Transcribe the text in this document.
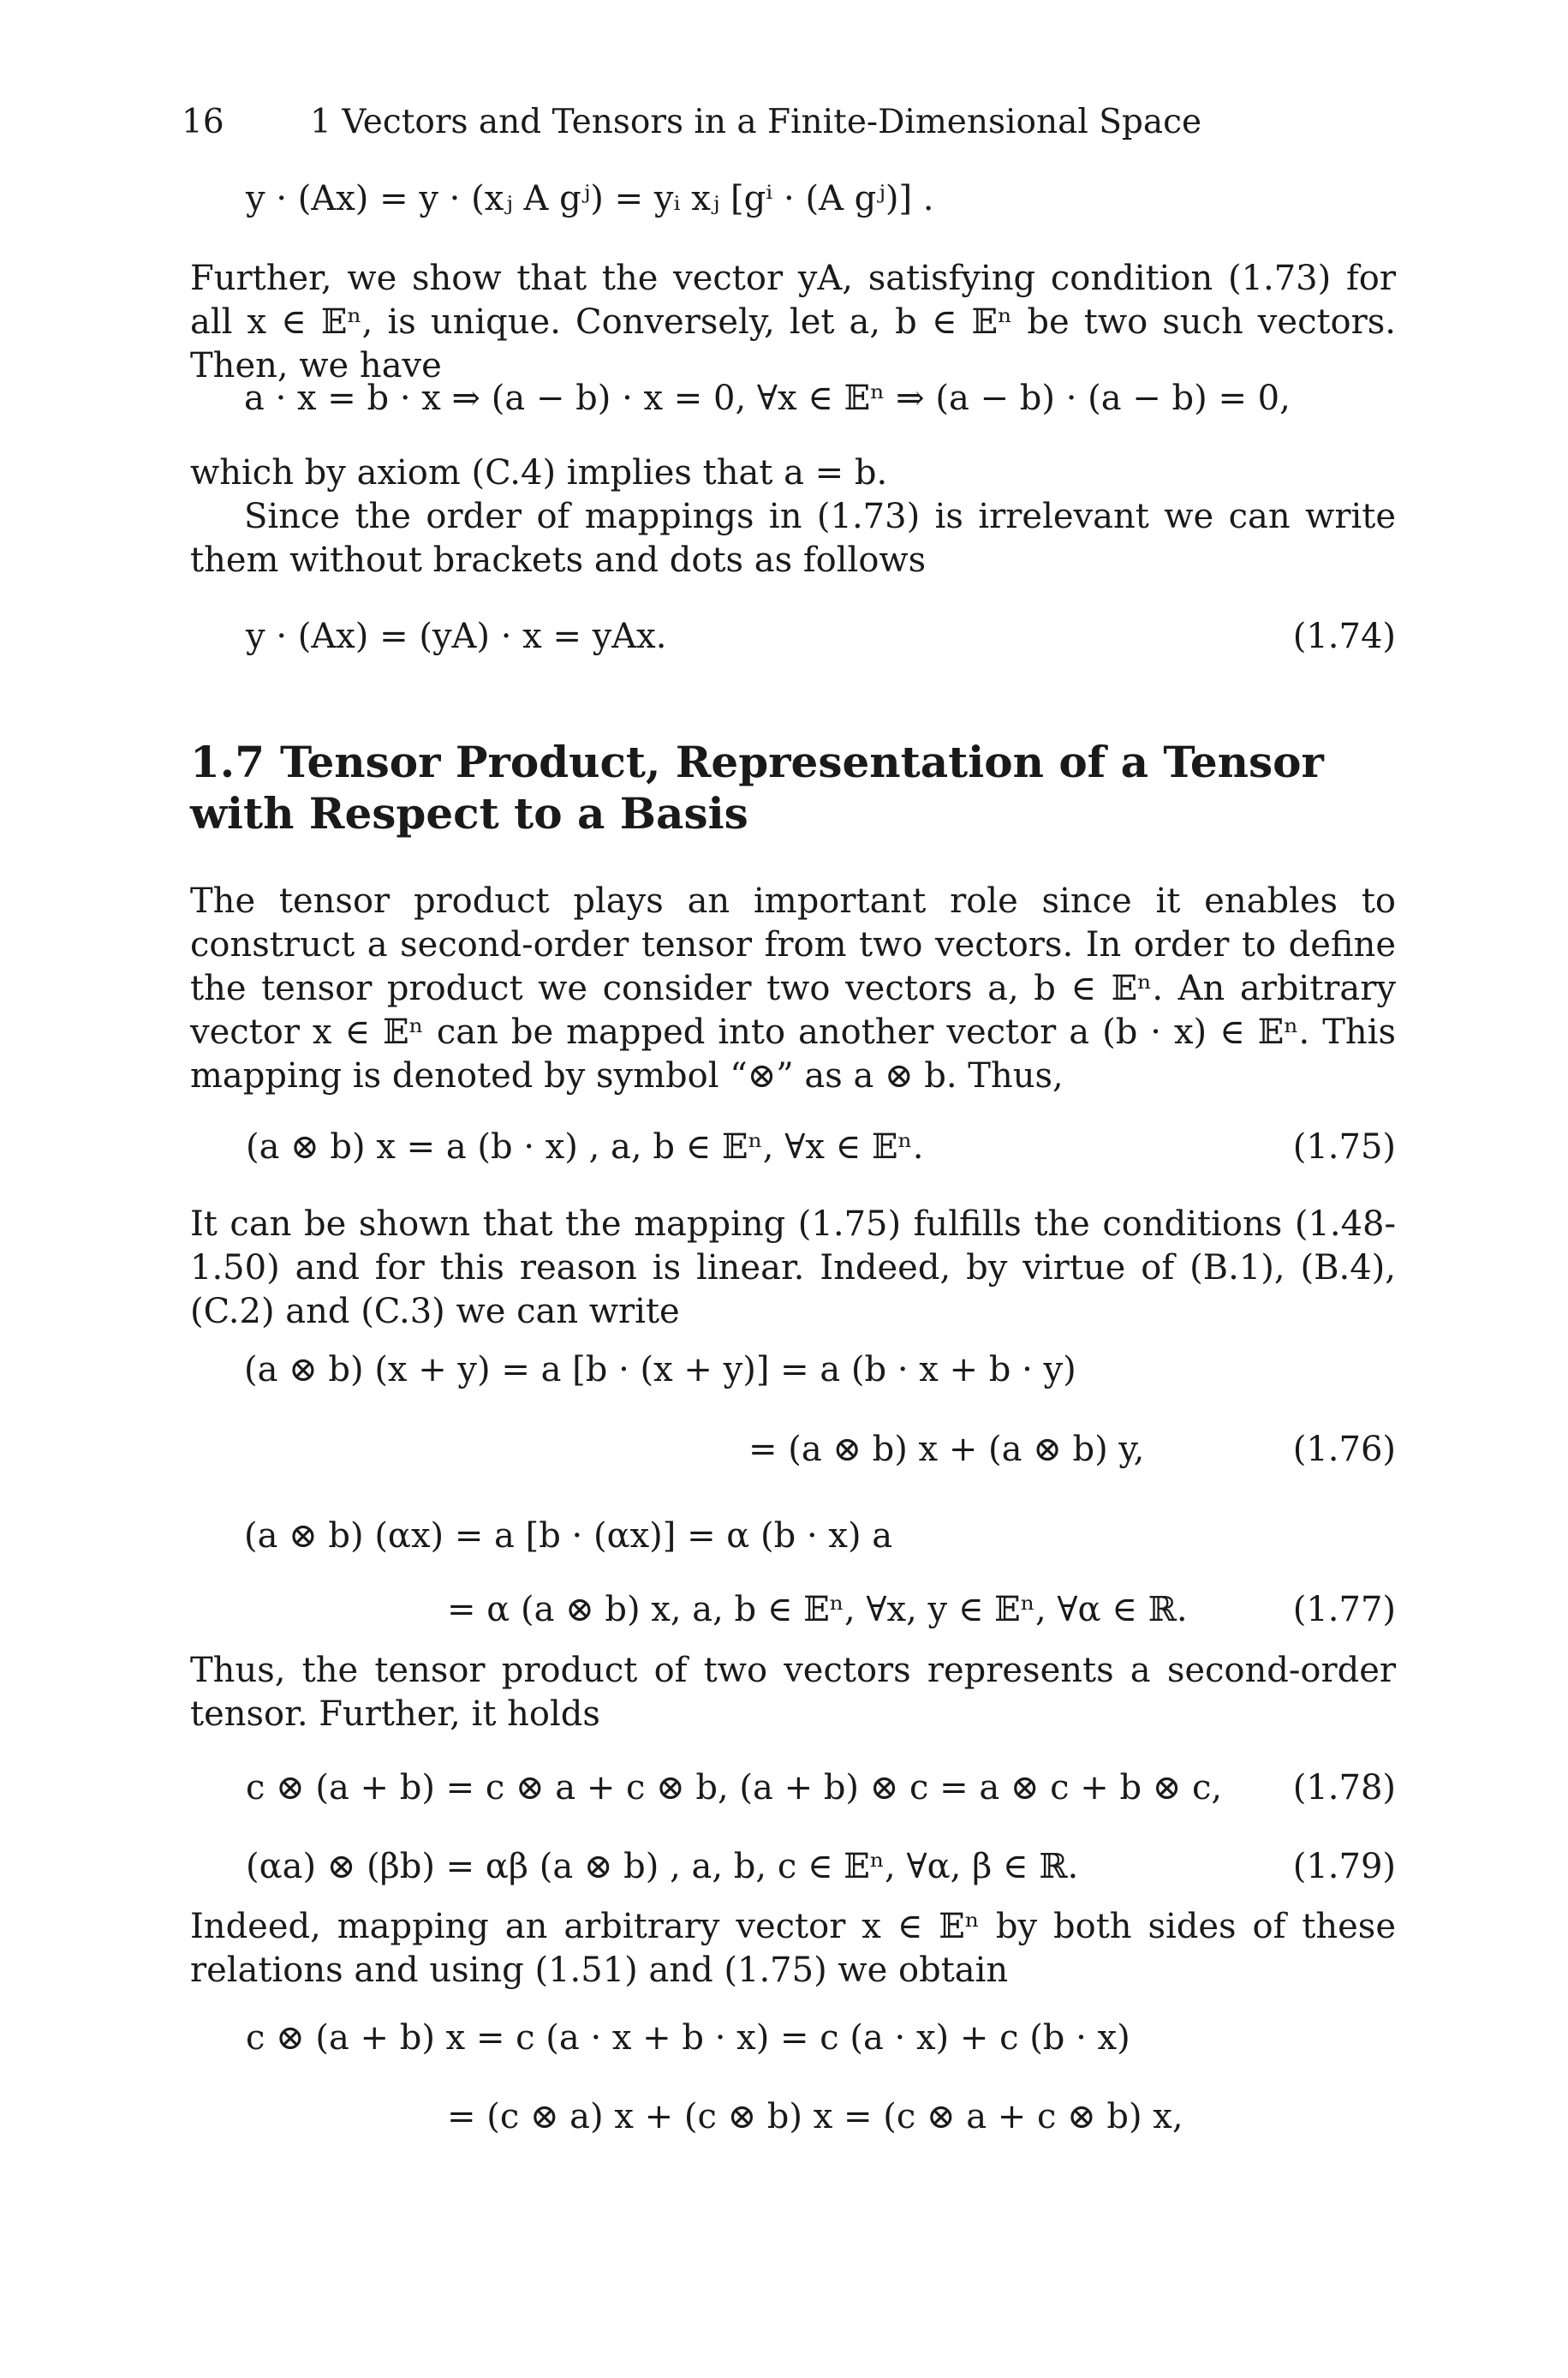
16	1 Vectors and Tensors in a Finite-Dimensional Space
y · (Ax) = y · (xⱼ A gʲ) = yᵢ xⱼ [gⁱ · (A gʲ)] .

Further, we show that the vector yA, satisfying condition (1.73) for all x ∈ 𝔼ⁿ, is unique. Conversely, let a, b ∈ 𝔼ⁿ be two such vectors. Then, we have

a · x = b · x ⇒ (a − b) · x = 0, ∀x ∈ 𝔼ⁿ ⇒ (a − b) · (a − b) = 0,

which by axiom (C.4) implies that a = b.

Since the order of mappings in (1.73) is irrelevant we can write them without brackets and dots as follows

y · (Ax) = (yA) · x = yAx.	(1.74)
1.7 Tensor Product, Representation of a Tensor with Respect to a Basis

The tensor product plays an important role since it enables to construct a second-order tensor from two vectors. In order to define the tensor product we consider two vectors a, b ∈ 𝔼ⁿ. An arbitrary vector x ∈ 𝔼ⁿ can be mapped into another vector a (b · x) ∈ 𝔼ⁿ. This mapping is denoted by symbol “⊗” as a ⊗ b. Thus,

(a ⊗ b) x = a (b · x) , a, b ∈ 𝔼ⁿ, ∀x ∈ 𝔼ⁿ.	(1.75)

It can be shown that the mapping (1.75) fulfills the conditions (1.48-1.50) and for this reason is linear. Indeed, by virtue of (B.1), (B.4), (C.2) and (C.3) we can write

(a ⊗ b) (x + y) = a [b · (x + y)] = a (b · x + b · y)
= (a ⊗ b) x + (a ⊗ b) y,	(1.76)
(a ⊗ b) (αx) = a [b · (αx)] = α (b · x) a
= α (a ⊗ b) x, a, b ∈ 𝔼ⁿ, ∀x, y ∈ 𝔼ⁿ, ∀α ∈ ℝ.	(1.77)

Thus, the tensor product of two vectors represents a second-order tensor. Further, it holds

c ⊗ (a + b) = c ⊗ a + c ⊗ b, (a + b) ⊗ c = a ⊗ c + b ⊗ c, (1.78)
(αa) ⊗ (βb) = αβ (a ⊗ b) , a, b, c ∈ 𝔼ⁿ, ∀α, β ∈ ℝ.	(1.79)

Indeed, mapping an arbitrary vector x ∈ 𝔼ⁿ by both sides of these relations and using (1.51) and (1.75) we obtain

c ⊗ (a + b) x = c (a · x + b · x) = c (a · x) + c (b · x)
= (c ⊗ a) x + (c ⊗ b) x = (c ⊗ a + c ⊗ b) x,
